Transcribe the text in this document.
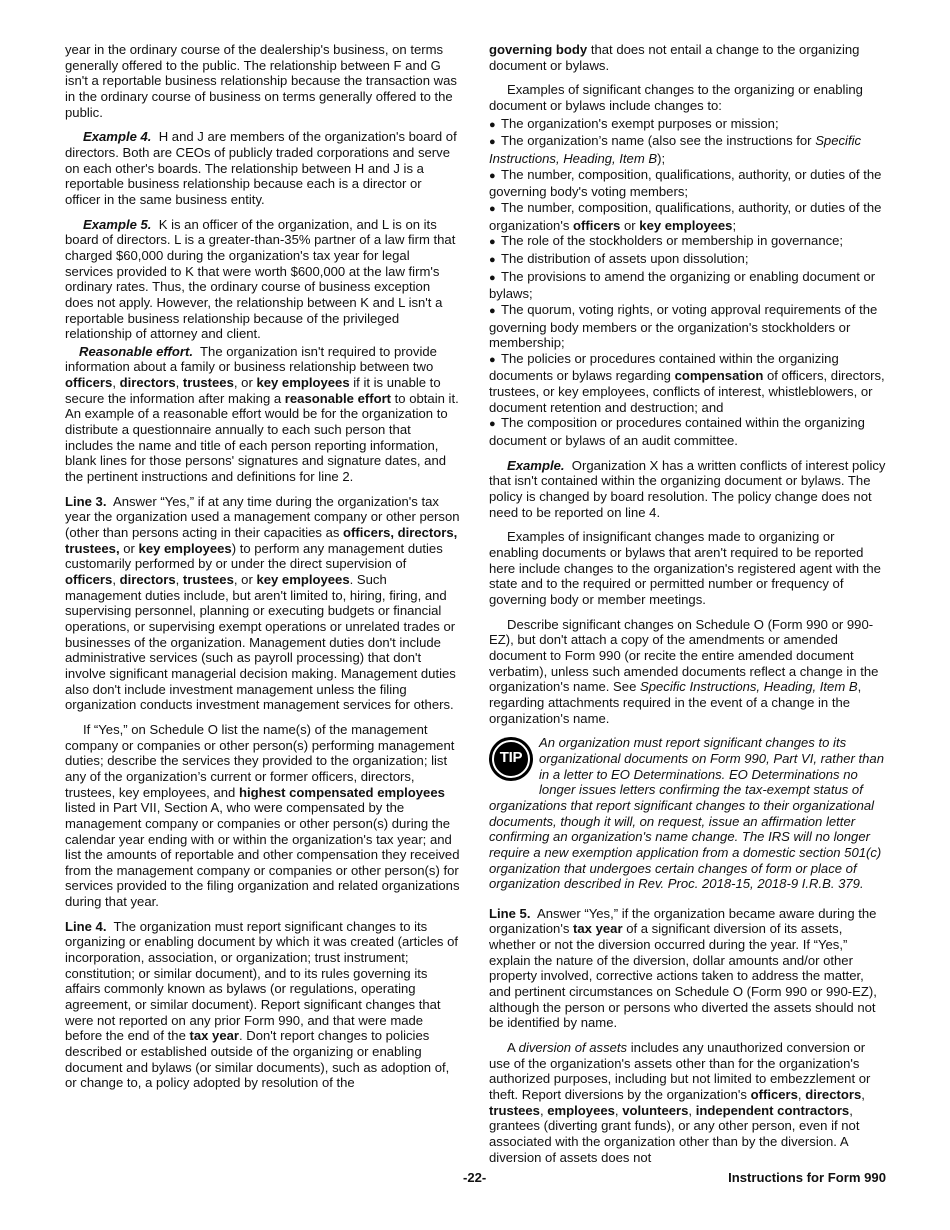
year in the ordinary course of the dealership's business, on terms generally offered to the public. The relationship between F and G isn't a reportable business relationship because the transaction was in the ordinary course of business on terms generally offered to the public.

Example 4. H and J are members of the organization's board of directors. Both are CEOs of publicly traded corporations and serve on each other's boards. The relationship between H and J is a reportable business relationship because each is a director or officer in the same business entity.

Example 5. K is an officer of the organization, and L is on its board of directors. L is a greater-than-35% partner of a law firm that charged $60,000 during the organization's tax year for legal services provided to K that were worth $600,000 at the law firm's ordinary rates. Thus, the ordinary course of business exception does not apply. However, the relationship between K and L isn't a reportable business relationship because of the privileged relationship of attorney and client.

Reasonable effort. The organization isn't required to provide information about a family or business relationship between two officers, directors, trustees, or key employees if it is unable to secure the information after making a reasonable effort to obtain it. An example of a reasonable effort would be for the organization to distribute a questionnaire annually to each such person that includes the name and title of each person reporting information, blank lines for those persons' signatures and signature dates, and the pertinent instructions and definitions for line 2.

Line 3. Answer “Yes,” if at any time during the organization's tax year the organization used a management company or other person (other than persons acting in their capacities as officers, directors, trustees, or key employees) to perform any management duties customarily performed by or under the direct supervision of officers, directors, trustees, or key employees. Such management duties include, but aren't limited to, hiring, firing, and supervising personnel, planning or executing budgets or financial operations, or supervising exempt operations or unrelated trades or businesses of the organization. Management duties don't include administrative services (such as payroll processing) that don't involve significant managerial decision making. Management duties also don't include investment management unless the filing organization conducts investment management services for others.

If “Yes,” on Schedule O list the name(s) of the management company or companies or other person(s) performing management duties; describe the services they provided to the organization; list any of the organization’s current or former officers, directors, trustees, key employees, and highest compensated employees listed in Part VII, Section A, who were compensated by the management company or companies or other person(s) during the calendar year ending with or within the organization's tax year; and list the amounts of reportable and other compensation they received from the management company or companies or other person(s) for services provided to the filing organization and related organizations during that year.

Line 4. The organization must report significant changes to its organizing or enabling document by which it was created (articles of incorporation, association, or organization; trust instrument; constitution; or similar document), and to its rules governing its affairs commonly known as bylaws (or regulations, operating agreement, or similar document). Report significant changes that were not reported on any prior Form 990, and that were made before the end of the tax year. Don't report changes to policies described or established outside of the organizing or enabling document and bylaws (or similar documents), such as adoption of, or change to, a policy adopted by resolution of the

governing body that does not entail a change to the organizing document or bylaws.

Examples of significant changes to the organizing or enabling document or bylaws include changes to:

● The organization's exempt purposes or mission;
● The organization’s name (also see the instructions for Specific Instructions, Heading, Item B);
● The number, composition, qualifications, authority, or duties of the governing body's voting members;
● The number, composition, qualifications, authority, or duties of the organization's officers or key employees;
● The role of the stockholders or membership in governance;
● The distribution of assets upon dissolution;
● The provisions to amend the organizing or enabling document or bylaws;
● The quorum, voting rights, or voting approval requirements of the governing body members or the organization's stockholders or membership;
● The policies or procedures contained within the organizing documents or bylaws regarding compensation of officers, directors, trustees, or key employees, conflicts of interest, whistleblowers, or document retention and destruction; and
● The composition or procedures contained within the organizing document or bylaws of an audit committee.

Example. Organization X has a written conflicts of interest policy that isn't contained within the organizing document or bylaws. The policy is changed by board resolution. The policy change does not need to be reported on line 4.

Examples of insignificant changes made to organizing or enabling documents or bylaws that aren't required to be reported here include changes to the organization's registered agent with the state and to the required or permitted number or frequency of governing body or member meetings.

Describe significant changes on Schedule O (Form 990 or 990-EZ), but don't attach a copy of the amendments or amended document to Form 990 (or recite the entire amended document verbatim), unless such amended documents reflect a change in the organization's name. See Specific Instructions, Heading, Item B, regarding attachments required in the event of a change in the organization's name.

TIP
An organization must report significant changes to its organizational documents on Form 990, Part VI, rather than in a letter to EO Determinations. EO Determinations no longer issues letters confirming the tax-exempt status of organizations that report significant changes to their organizational documents, though it will, on request, issue an affirmation letter confirming an organization's name change. The IRS will no longer require a new exemption application from a domestic section 501(c) organization that undergoes certain changes of form or place of organization described in Rev. Proc. 2018-15, 2018-9 I.R.B. 379.

Line 5. Answer “Yes,” if the organization became aware during the organization's tax year of a significant diversion of its assets, whether or not the diversion occurred during the year. If “Yes,” explain the nature of the diversion, dollar amounts and/or other property involved, corrective actions taken to address the matter, and pertinent circumstances on Schedule O (Form 990 or 990-EZ), although the person or persons who diverted the assets should not be identified by name.

A diversion of assets includes any unauthorized conversion or use of the organization's assets other than for the organization's authorized purposes, including but not limited to embezzlement or theft. Report diversions by the organization's officers, directors, trustees, employees, volunteers, independent contractors, grantees (diverting grant funds), or any other person, even if not associated with the organization other than by the diversion. A diversion of assets does not

-22-	Instructions for Form 990
